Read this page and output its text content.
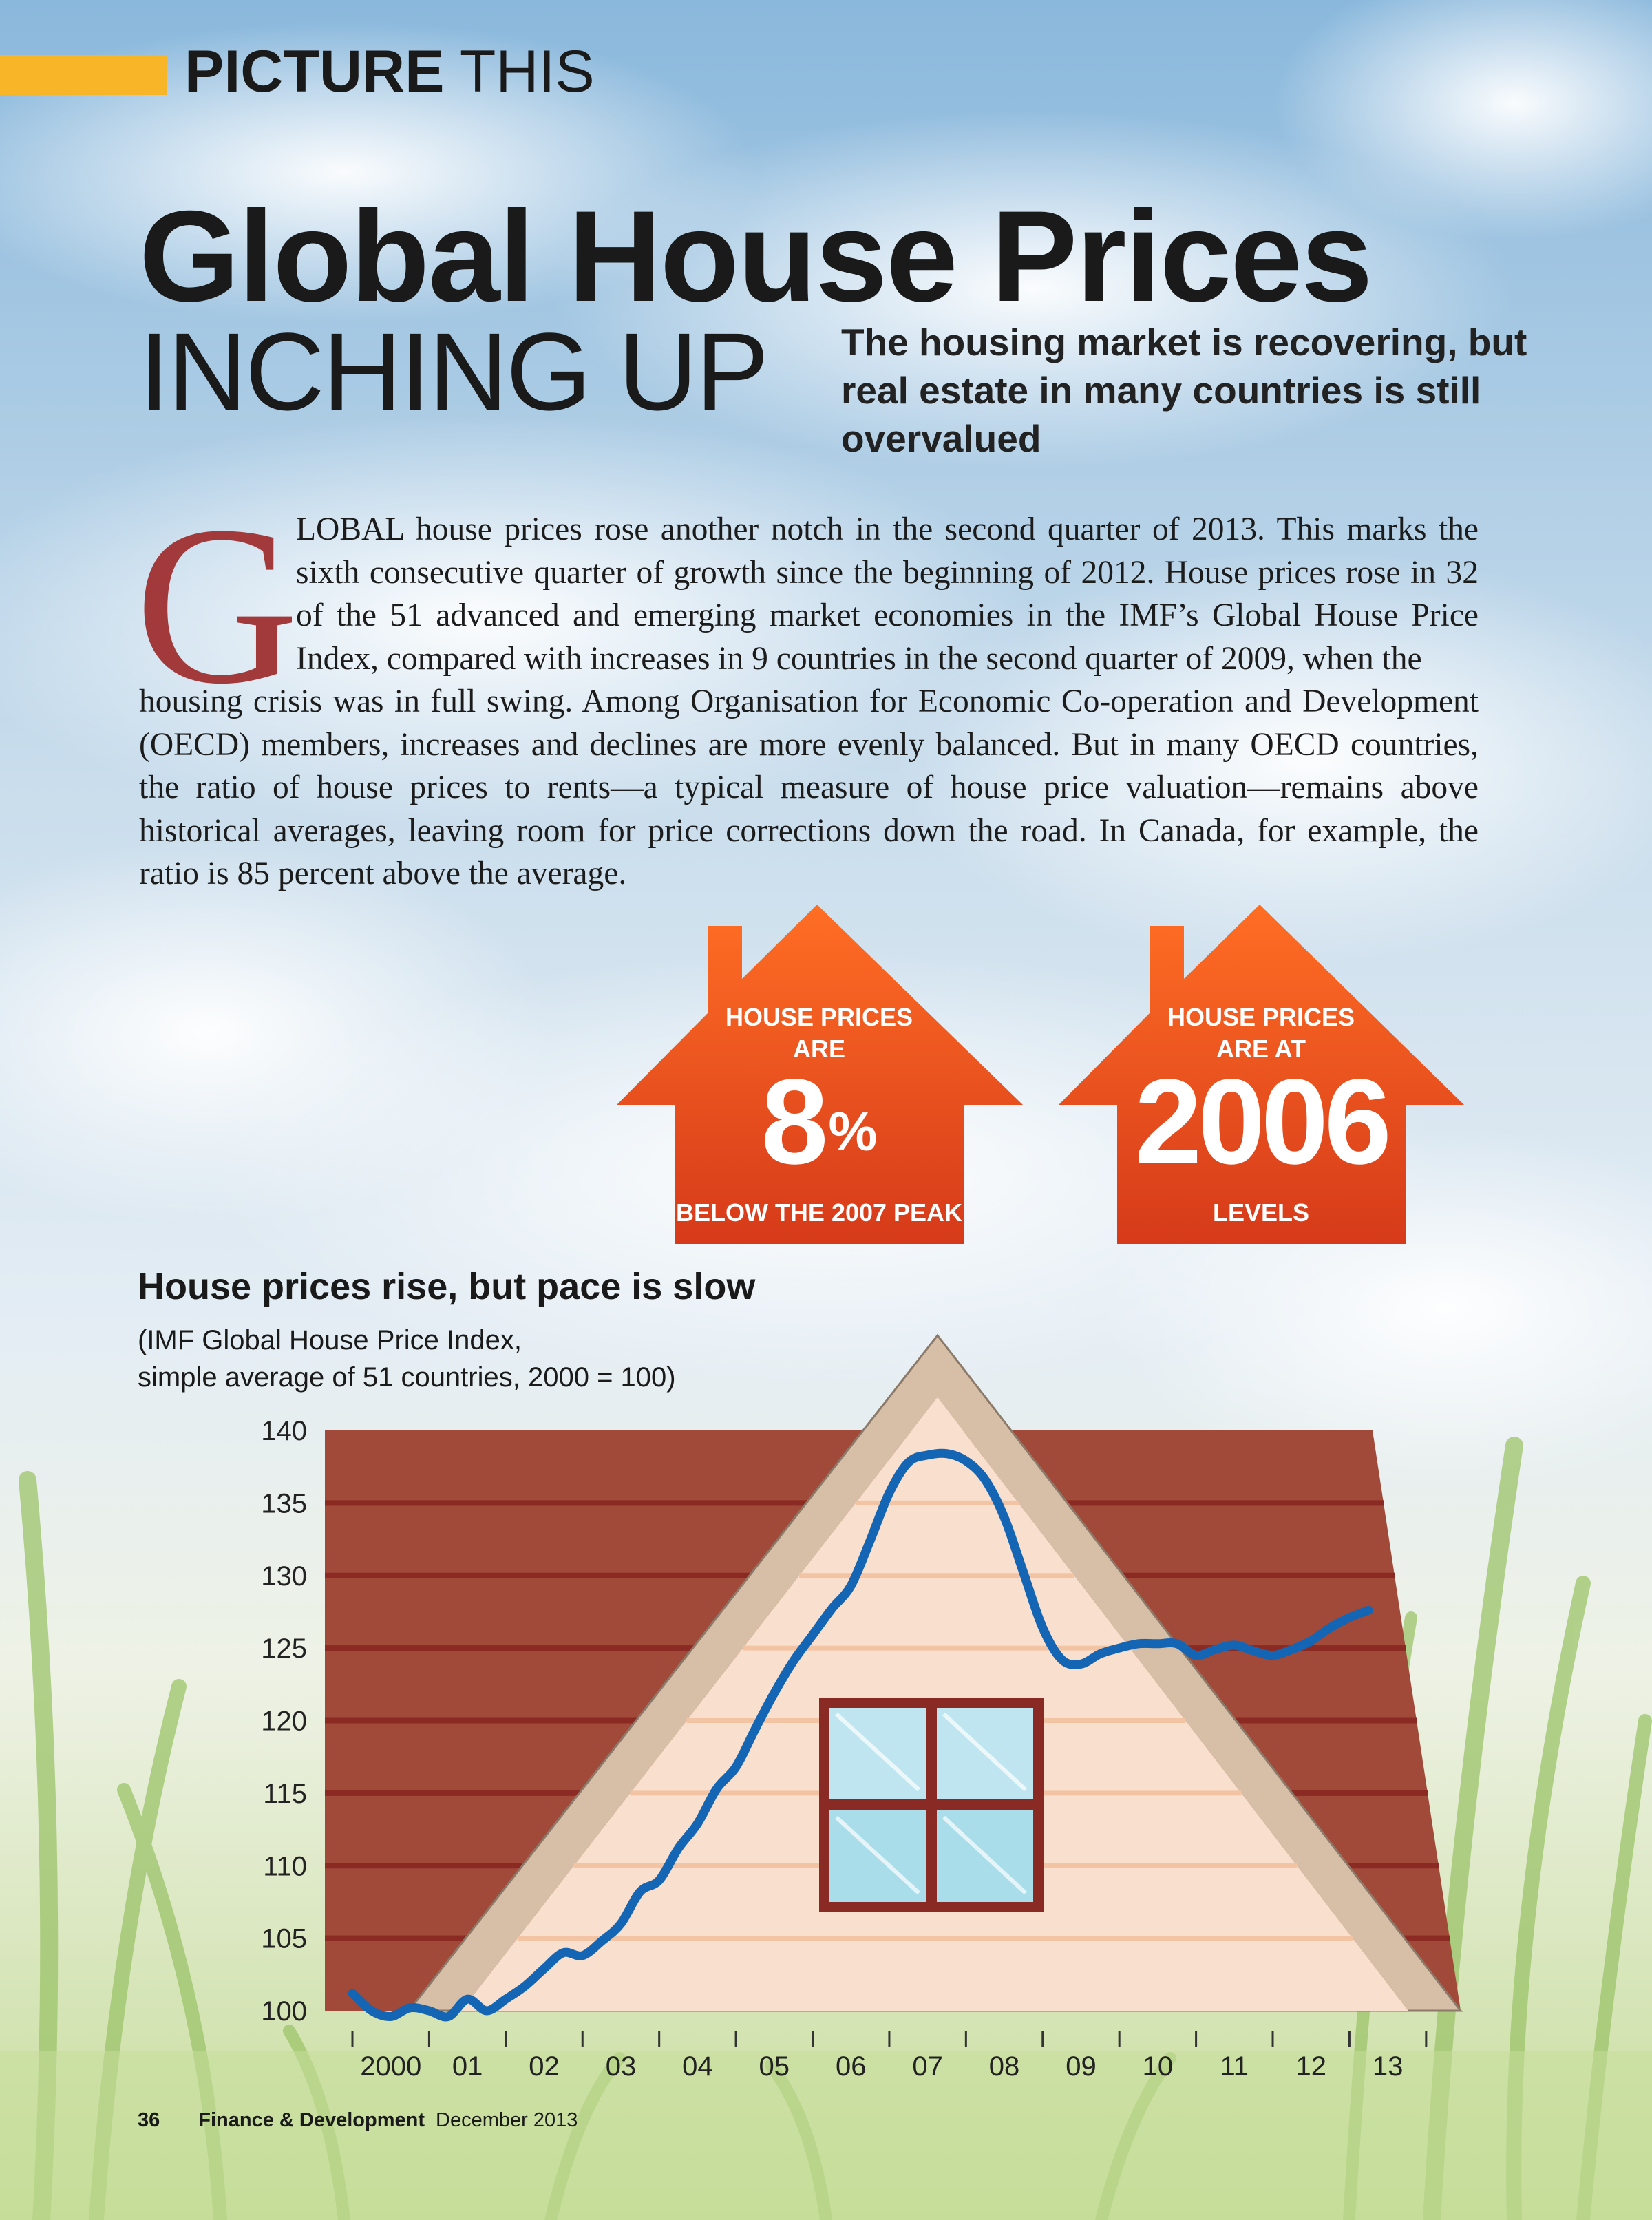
PICTURE THIS
Global House Prices
INCHING UP The housing market is recovering, but real estate in many countries is still overvalued
G
LOBAL house prices rose another notch in the second quarter of 2013. This marks the sixth consecutive quarter of growth since the beginning of 2012. House prices rose in 32 of the 51 advanced and emerging market economies in the IMF’s Global House Price Index, compared with increases in 9 countries in the second quarter of 2009, when the
housing crisis was in full swing. Among Organisation for Economic Co-operation and Development (OECD) members, increases and declines are more evenly balanced. But in many OECD countries, the ratio of house prices to rents—a typical measure of house price valuation—remains above historical averages, leaving room for price corrections down the road. In Canada, for example, the ratio is 85 percent above the average.
HOUSE PRICES
ARE
8%
BELOW THE 2007 PEAK
HOUSE PRICES
ARE AT
2006
LEVELS
House prices rise, but pace is slow
(IMF Global House Price Index,
simple average of 51 countries, 2000 = 100)
140
135
130
125
120
115
110
105
100
2000 01 02 03 04 05 06 07 08 09 10 11 12 13
36 Finance & Development December 2013
